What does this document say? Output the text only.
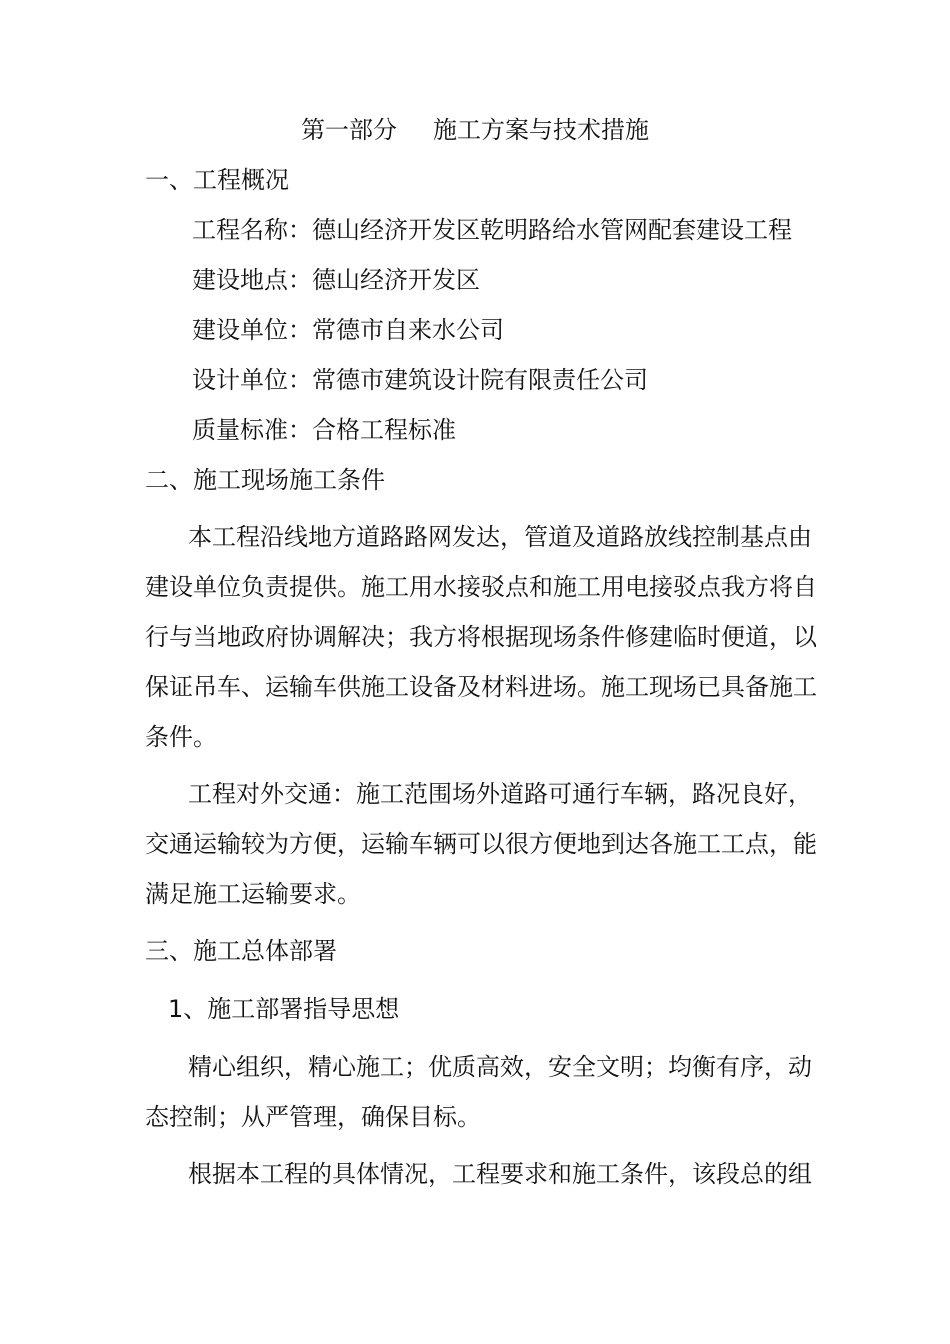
第一部分 施工方案与技术措施
一、工程概况
工程名称：德山经济开发区乾明路给水管网配套建设工程
建设地点：德山经济开发区
建设单位：常德市自来水公司
设计单位：常德市建筑设计院有限责任公司
质量标准：合格工程标准
二、施工现场施工条件
本工程沿线地方道路路网发达，管道及道路放线控制基点由
建设单位负责提供。施工用水接驳点和施工用电接驳点我方将自
行与当地政府协调解决；我方将根据现场条件修建临时便道，以
保证吊车、运输车供施工设备及材料进场。施工现场已具备施工
条件。
工程对外交通：施工范围场外道路可通行车辆，路况良好，
交通运输较为方便，运输车辆可以很方便地到达各施工工点，能
满足施工运输要求。
三、施工总体部署
1、施工部署指导思想
精心组织，精心施工；优质高效，安全文明；均衡有序，动
态控制；从严管理，确保目标。
根据本工程的具体情况，工程要求和施工条件，该段总的组
